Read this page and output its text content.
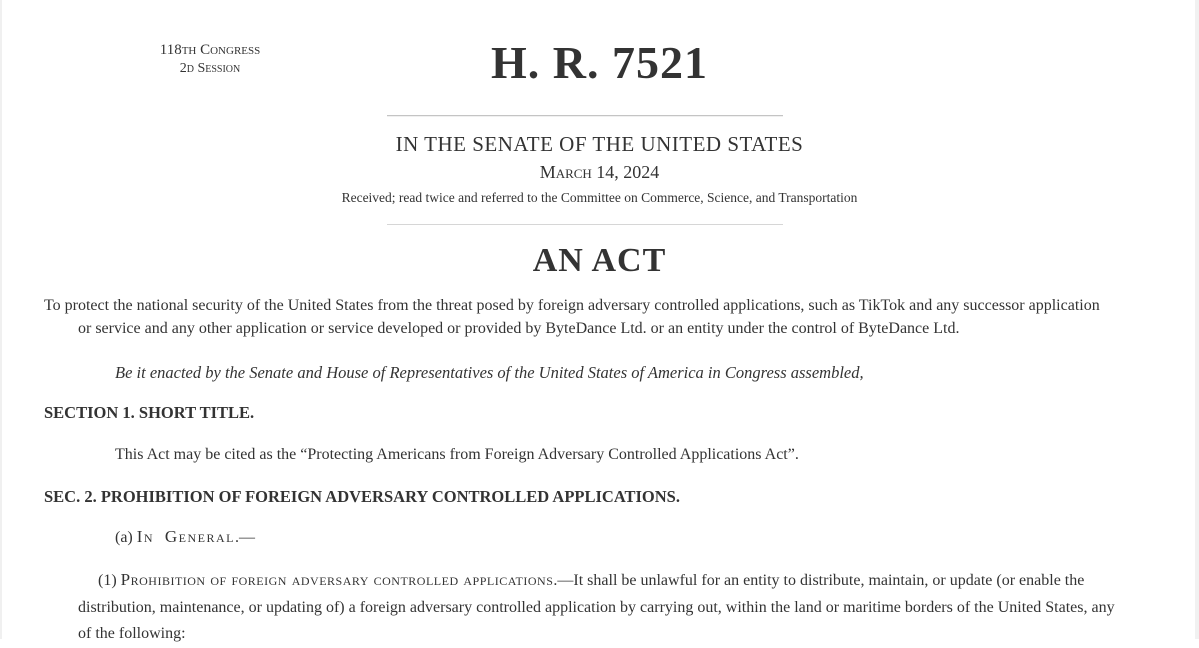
118th Congress
2d Session	H. R. 7521
IN THE SENATE OF THE UNITED STATES
March 14, 2024
Received; read twice and referred to the Committee on Commerce, Science, and Transportation
AN ACT

To protect the national security of the United States from the threat posed by foreign adversary controlled applications, such as TikTok and any successor application or service and any other application or service developed or provided by ByteDance Ltd. or an entity under the control of ByteDance Ltd.

Be it enacted by the Senate and House of Representatives of the United States of America in Congress assembled,

SECTION 1. SHORT TITLE.

This Act may be cited as the “Protecting Americans from Foreign Adversary Controlled Applications Act”.

SEC. 2. PROHIBITION OF FOREIGN ADVERSARY CONTROLLED APPLICATIONS.

(a) In General.—

(1) Prohibition of foreign adversary controlled applications.—It shall be unlawful for an entity to distribute, maintain, or update (or enable the distribution, maintenance, or updating of) a foreign adversary controlled application by carrying out, within the land or maritime borders of the United States, any of the following:
